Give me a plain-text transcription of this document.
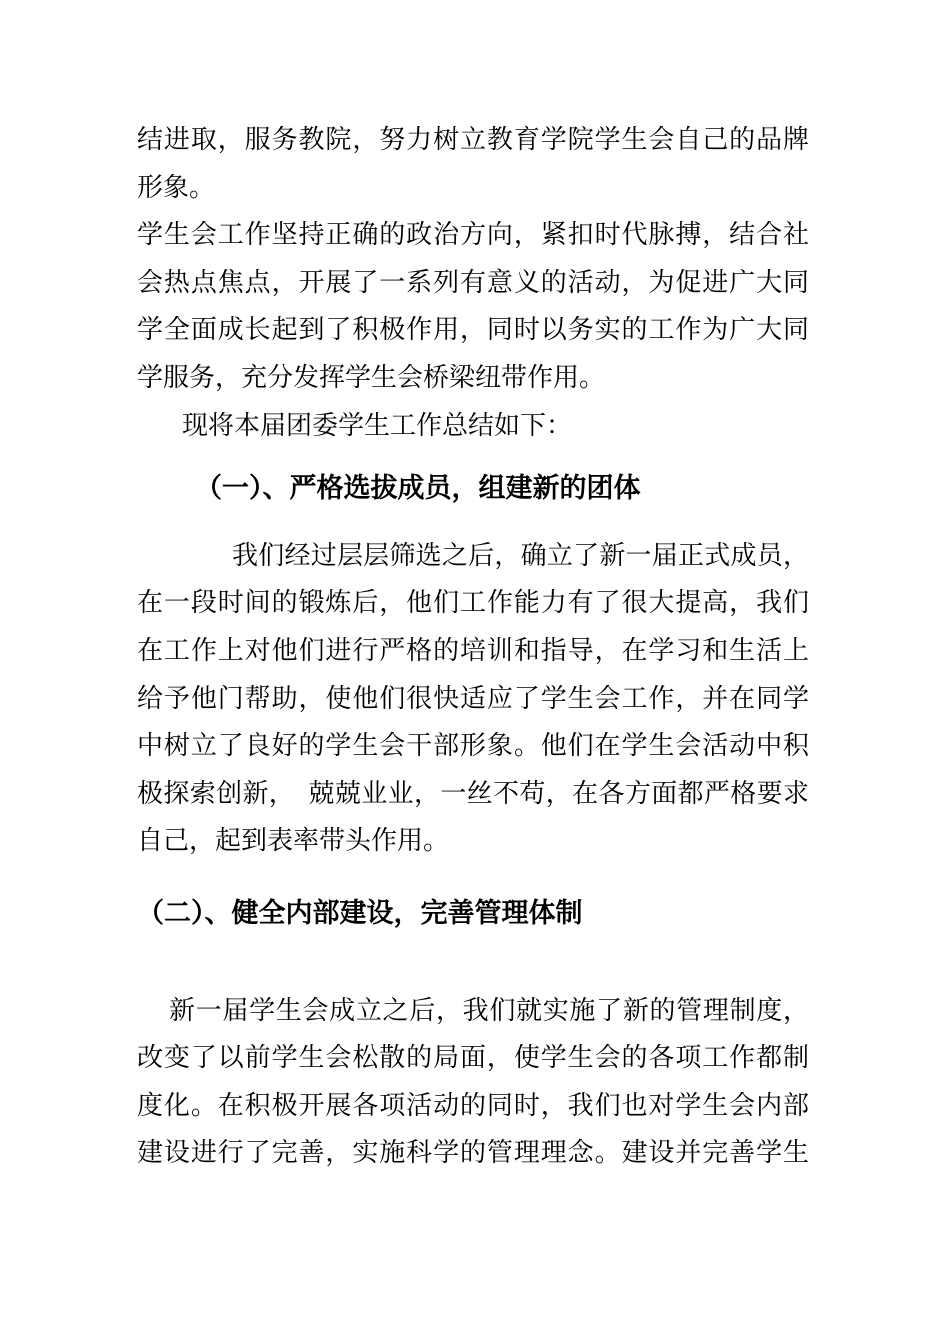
结进取，服务教院，努力树立教育学院学生会自己的品牌
形象。
学生会工作坚持正确的政治方向，紧扣时代脉搏，结合社
会热点焦点，开展了一系列有意义的活动，为促进广大同
学全面成长起到了积极作用，同时以务实的工作为广大同
学服务，充分发挥学生会桥梁纽带作用。
现将本届团委学生工作总结如下：
（一）、严格选拔成员，组建新的团体
我们经过层层筛选之后，确立了新一届正式成员，
在一段时间的锻炼后，他们工作能力有了很大提高，我们
在工作上对他们进行严格的培训和指导，在学习和生活上
给予他门帮助，使他们很快适应了学生会工作，并在同学
中树立了良好的学生会干部形象。他们在学生会活动中积
极探索创新，　兢兢业业，一丝不苟，在各方面都严格要求
自己，起到表率带头作用。
（二）、健全内部建设，完善管理体制
新一届学生会成立之后，我们就实施了新的管理制度，
改变了以前学生会松散的局面，使学生会的各项工作都制
度化。在积极开展各项活动的同时，我们也对学生会内部
建设进行了完善，实施科学的管理理念。建设并完善学生
